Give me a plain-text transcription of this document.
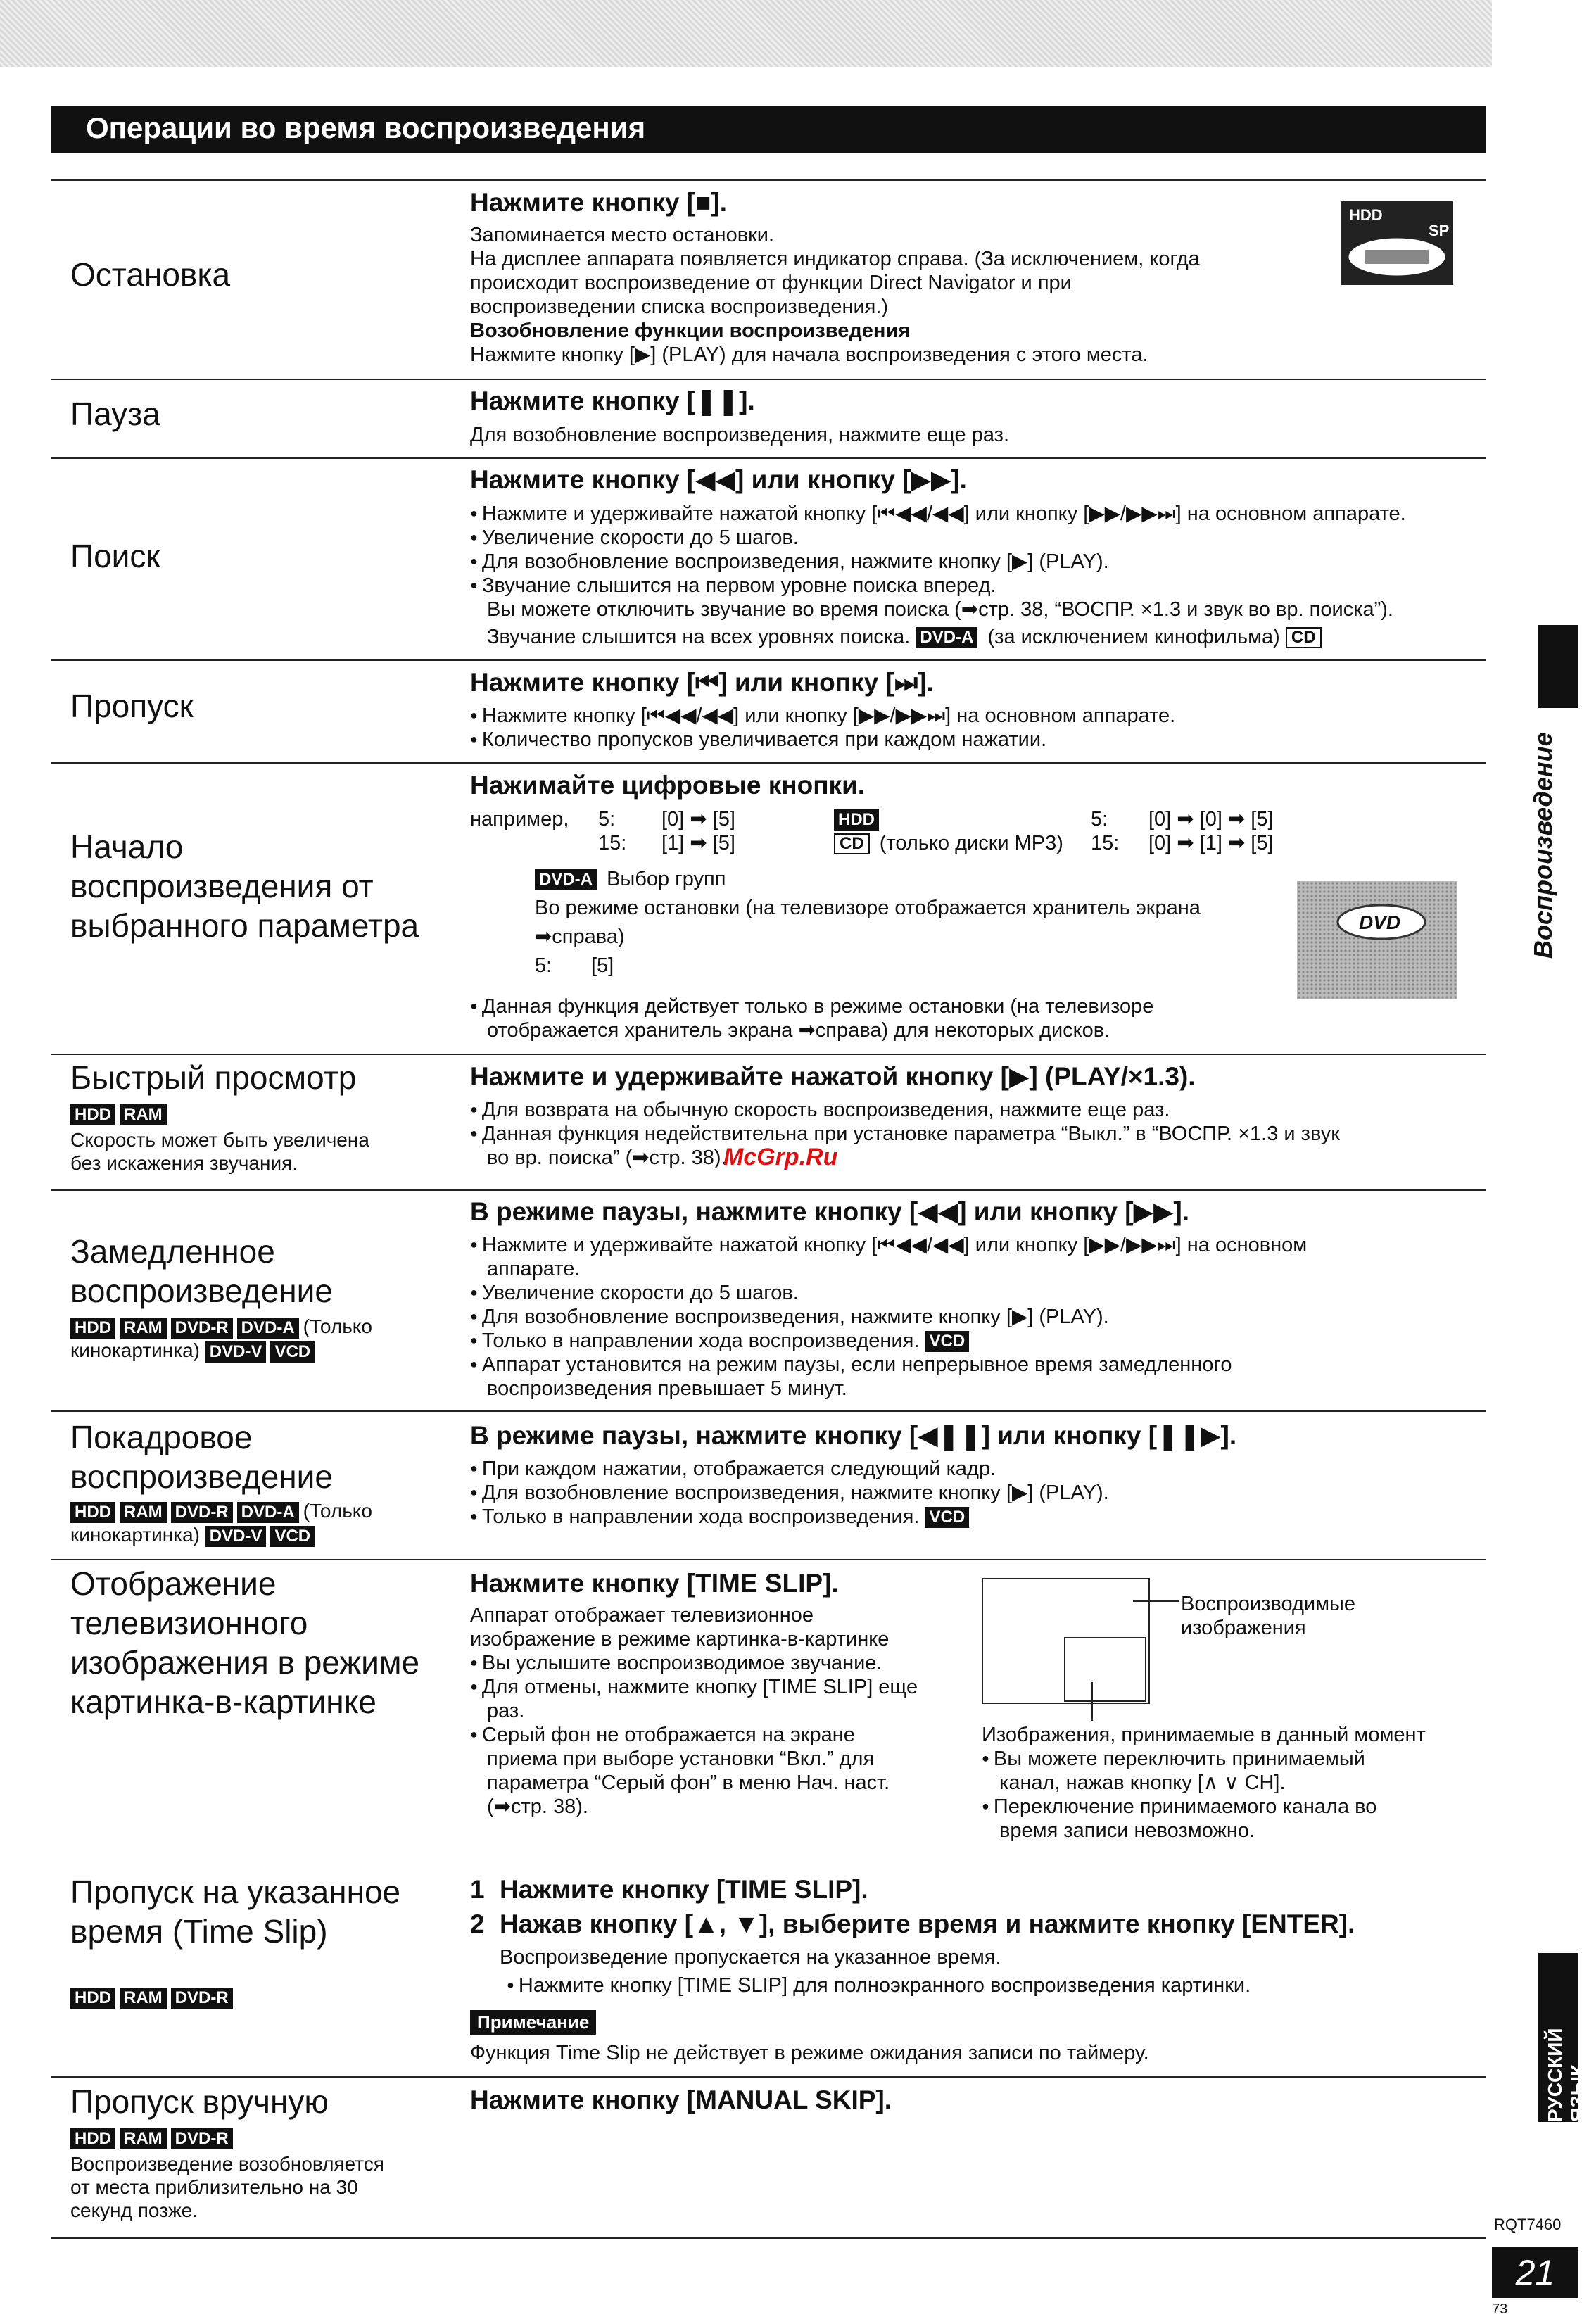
Операции во время воспроизведения
Остановка
Нажмите кнопку [■].
Запоминается место остановки.
На дисплее аппарата появляется индикатор справа. (За исключением, когда
происходит воспроизведение от функции Direct Navigator и при
воспроизведении списка воспроизведения.)
Возобновление функции воспроизведения
Нажмите кнопку [▶] (PLAY) для начала воспроизведения с этого места.
HDD
SP
Пауза	Нажмите кнопку [❚❚].
Для возобновление воспроизведения, нажмите еще раз.
Поиск
Нажмите кнопку [◀◀] или кнопку [▶▶].
● Нажмите и удерживайте нажатой кнопку [⏮◀◀/◀◀] или кнопку [▶▶/▶▶⏭] на основном аппарате.
● Увеличение скорости до 5 шагов.
● Для возобновление воспроизведения, нажмите кнопку [▶] (PLAY).
● Звучание слышится на первом уровне поиска вперед.
Вы можете отключить звучание во время поиска (➡стр. 38, “ВОСПР. ×1.3 и звук во вр. поиска”).
Звучание слышится на всех уровнях поиска. DVD-A (за исключением кинофильма) CD
Пропуск
Нажмите кнопку [⏮] или кнопку [⏭].
● Нажмите кнопку [⏮◀◀/◀◀] или кнопку [▶▶/▶▶⏭] на основном аппарате.
● Количество пропусков увеличивается при каждом нажатии.
Начало воспроизведения от выбранного параметра
Нажимайте цифровые кнопки.
например, 5: [0] ➡ [5]
15: [1] ➡ [5]
HDD	5: [0] ➡ [0] ➡ [5]
CD (только диски MP3) 15: [0] ➡ [1] ➡ [5]
DVD-A Выбор групп
Во режиме остановки (на телевизоре отображается хранитель экрана
➡справа)
5: [5]
DVD
● Данная функция действует только в режиме остановки (на телевизоре
отображается хранитель экрана ➡справа) для некоторых дисков.
Быстрый просмотр
HDD RAM
Скорость может быть увеличена
без искажения звучания.
Нажмите и удерживайте нажатой кнопку [▶] (PLAY/×1.3).
● Для возврата на обычную скорость воспроизведения, нажмите еще раз.
● Данная функция недействительна при установке параметра “Выкл.” в “ВОСПР. ×1.3 и звук
во вр. поиска” (➡стр. 38).
McGrp.Ru
Замедленное воспроизведение
HDD RAM DVD-R DVD-A (Только
кинокартинка) DVD-V VCD
В режиме паузы, нажмите кнопку [◀◀] или кнопку [▶▶].
● Нажмите и удерживайте нажатой кнопку [⏮◀◀/◀◀] или кнопку [▶▶/▶▶⏭] на основном
аппарате.
● Увеличение скорости до 5 шагов.
● Для возобновление воспроизведения, нажмите кнопку [▶] (PLAY).
● Только в направлении хода воспроизведения. VCD
● Аппарат установится на режим паузы, если непрерывное время замедленного
воспроизведения превышает 5 минут.
Покадровое воспроизведение
HDD RAM DVD-R DVD-A (Только
кинокартинка) DVD-V VCD
В режиме паузы, нажмите кнопку [◀❚❚] или кнопку [❚❚▶].
● При каждом нажатии, отображается следующий кадр.
● Для возобновление воспроизведения, нажмите кнопку [▶] (PLAY).
● Только в направлении хода воспроизведения. VCD
Отображение телевизионного изображения в режиме картинка-в-картинке
Нажмите кнопку [TIME SLIP].
Аппарат отображает телевизионное
изображение в режиме картинка-в-картинке
● Вы услышите воспроизводимое звучание.
● Для отмены, нажмите кнопку [TIME SLIP] еще
раз.
● Серый фон не отображается на экране
приема при выборе установки “Вкл.” для
параметра “Серый фон” в меню Нач. наст.
(➡стр. 38).
Воспроизводимые
изображения
Изображения, принимаемые в данный момент
● Вы можете переключить принимаемый
канал, нажав кнопку [∧ ∨ CH].
● Переключение принимаемого канала во
время записи невозможно.
Пропуск на указанное время (Time Slip)
HDD RAM DVD-R
1 Нажмите кнопку [TIME SLIP].
2 Нажав кнопку [▲, ▼], выберите время и нажмите кнопку [ENTER].
Воспроизведение пропускается на указанное время.
● Нажмите кнопку [TIME SLIP] для полноэкранного воспроизведения картинки.
Примечание
Функция Time Slip не действует в режиме ожидания записи по таймеру.
Пропуск вручную
HDD RAM DVD-R
Воспроизведение возобновляется
от места приблизительно на 30
секунд позже.
Нажмите кнопку [MANUAL SKIP].
Воспроизведение
РУССКИЙ ЯЗЫК
RQT7460
21
73
